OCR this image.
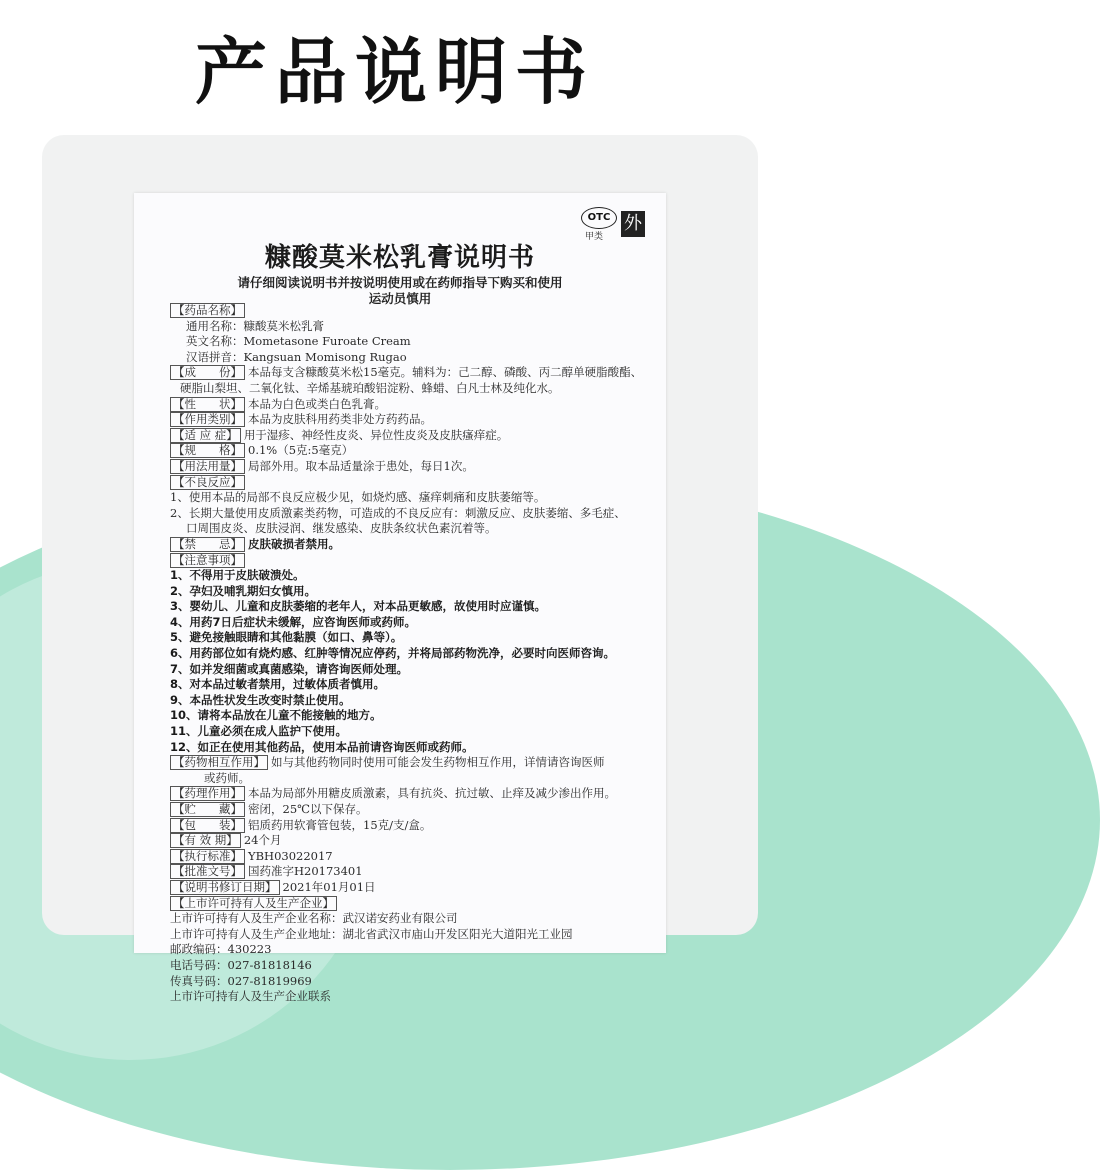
产品说明书
OTC
甲类
外
糠酸莫米松乳膏说明书
请仔细阅读说明书并按说明使用或在药师指导下购买和使用
运动员慎用
【药品名称】
通用名称：糠酸莫米松乳膏
英文名称：Mometasone Furoate Cream
汉语拼音：Kangsuan Momisong Rugao
【成　　份】 本品每支含糠酸莫米松15毫克。辅料为：己二醇、磷酸、丙二醇单硬脂酸酯、
硬脂山梨坦、二氧化钛、辛烯基琥珀酸铝淀粉、蜂蜡、白凡士林及纯化水。
【性　　状】 本品为白色或类白色乳膏。
【作用类别】 本品为皮肤科用药类非处方药药品。
【适 应 症】 用于湿疹、神经性皮炎、异位性皮炎及皮肤瘙痒症。
【规　　格】 0.1%（5克:5毫克）
【用法用量】 局部外用。取本品适量涂于患处，每日1次。
【不良反应】
1、使用本品的局部不良反应极少见，如烧灼感、瘙痒刺痛和皮肤萎缩等。
2、长期大量使用皮质激素类药物，可造成的不良反应有：刺激反应、皮肤萎缩、多毛症、
口周围皮炎、皮肤浸润、继发感染、皮肤条纹状色素沉着等。
【禁　　忌】 皮肤破损者禁用。
【注意事项】
1、不得用于皮肤破溃处。
2、孕妇及哺乳期妇女慎用。
3、婴幼儿、儿童和皮肤萎缩的老年人，对本品更敏感，故使用时应谨慎。
4、用药7日后症状未缓解，应咨询医师或药师。
5、避免接触眼睛和其他黏膜（如口、鼻等）。
6、用药部位如有烧灼感、红肿等情况应停药，并将局部药物洗净，必要时向医师咨询。
7、如并发细菌或真菌感染，请咨询医师处理。
8、对本品过敏者禁用，过敏体质者慎用。
9、本品性状发生改变时禁止使用。
10、请将本品放在儿童不能接触的地方。
11、儿童必须在成人监护下使用。
12、如正在使用其他药品，使用本品前请咨询医师或药师。
【药物相互作用】 如与其他药物同时使用可能会发生药物相互作用，详情请咨询医师
或药师。
【药理作用】 本品为局部外用糖皮质激素，具有抗炎、抗过敏、止痒及减少渗出作用。
【贮　　藏】 密闭，25℃以下保存。
【包　　装】 铝质药用软膏管包装，15克/支/盒。
【有 效 期】 24个月
【执行标准】 YBH03022017
【批准文号】 国药准字H20173401
【说明书修订日期】 2021年01月01日
【上市许可持有人及生产企业】
上市许可持有人及生产企业名称：武汉诺安药业有限公司
上市许可持有人及生产企业地址：湖北省武汉市庙山开发区阳光大道阳光工业园
邮政编码：430223
电话号码：027-81818146
传真号码：027-81819969
上市许可持有人及生产企业联系
